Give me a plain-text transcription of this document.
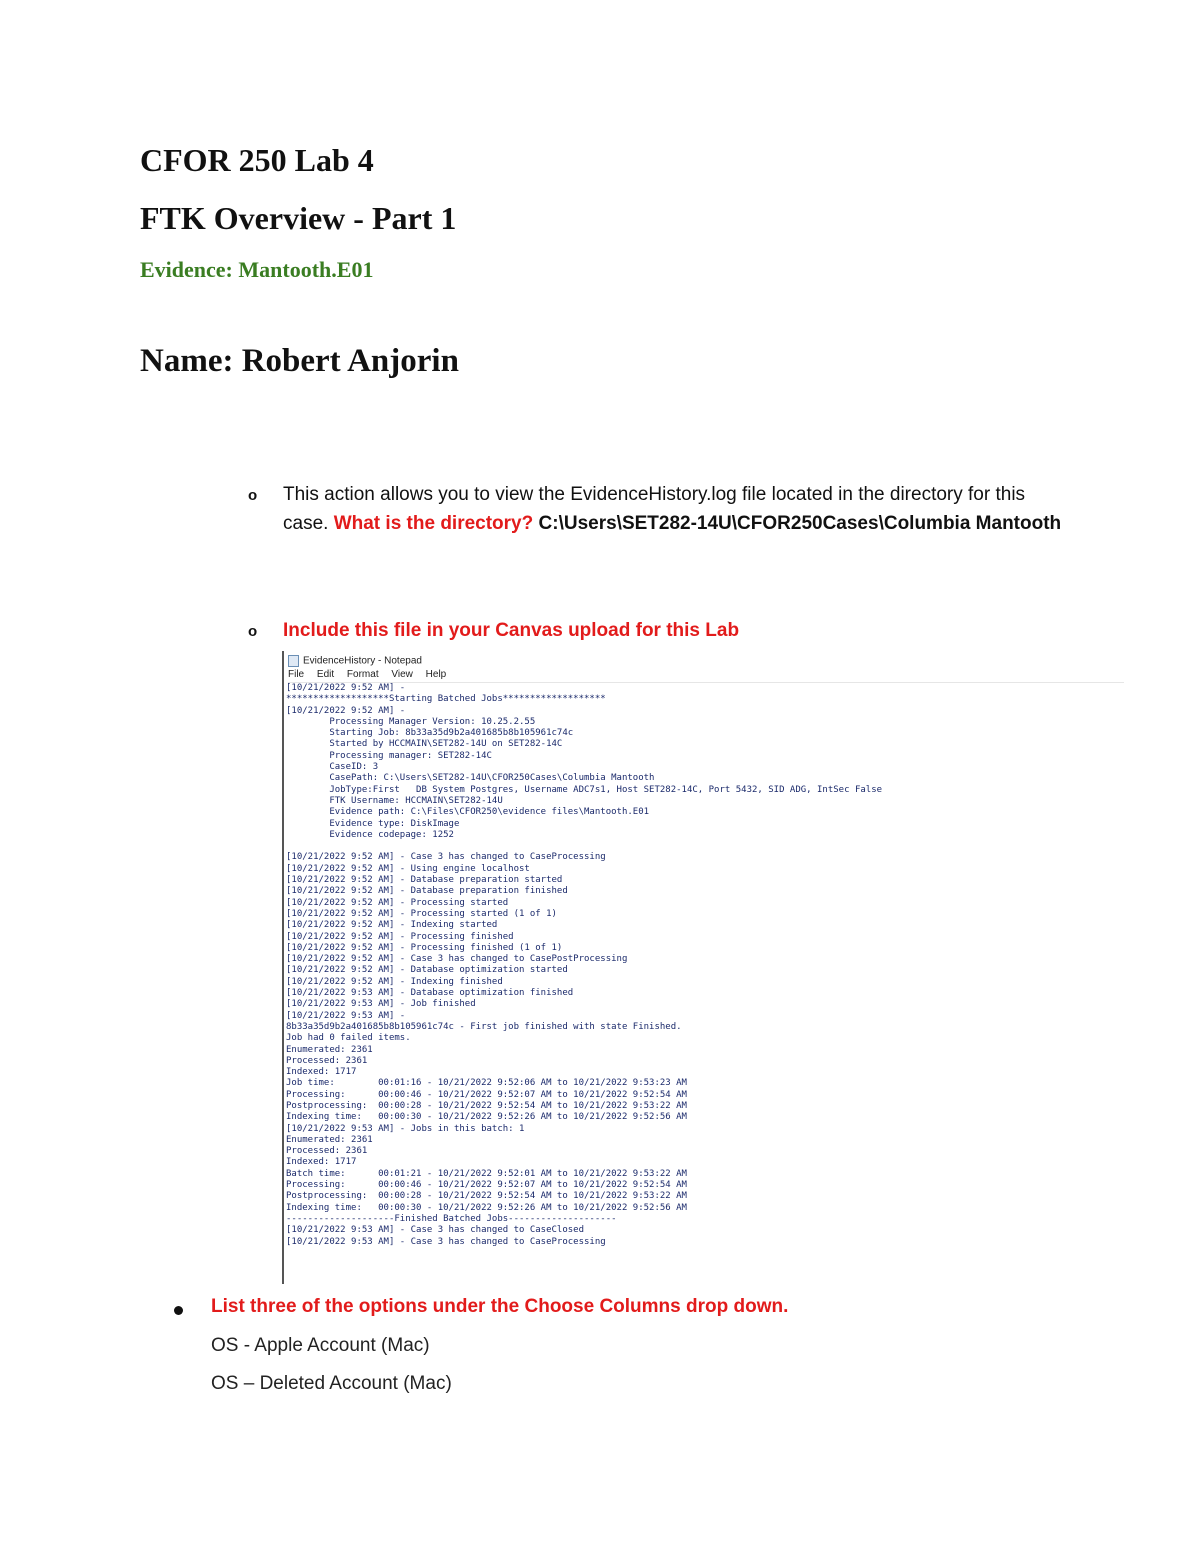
CFOR 250 Lab 4
FTK Overview - Part 1
Evidence: Mantooth.E01
Name: Robert Anjorin
o This action allows you to view the EvidenceHistory.log file located in the directory for this case. What is the directory? C:\Users\SET282-14U\CFOR250Cases\Columbia Mantooth
o Include this file in your Canvas upload for this Lab
EvidenceHistory - Notepad
File Edit Format View Help
[10/21/2022 9:52 AM] -
*******************Starting Batched Jobs*******************
[10/21/2022 9:52 AM] -
Processing Manager Version: 10.25.2.55
Starting Job: 8b33a35d9b2a401685b8b105961c74c
Started by HCCMAIN\SET282-14U on SET282-14C
Processing manager: SET282-14C
CaseID: 3
CasePath: C:\Users\SET282-14U\CFOR250Cases\Columbia Mantooth
JobType:First   DB System Postgres, Username ADC7s1, Host SET282-14C, Port 5432, SID ADG, IntSec False
FTK Username: HCCMAIN\SET282-14U
Evidence path: C:\Files\CFOR250\evidence files\Mantooth.E01
Evidence type: DiskImage
Evidence codepage: 1252

[10/21/2022 9:52 AM] - Case 3 has changed to CaseProcessing
[10/21/2022 9:52 AM] - Using engine localhost
[10/21/2022 9:52 AM] - Database preparation started
[10/21/2022 9:52 AM] - Database preparation finished
[10/21/2022 9:52 AM] - Processing started
[10/21/2022 9:52 AM] - Processing started (1 of 1)
[10/21/2022 9:52 AM] - Indexing started
[10/21/2022 9:52 AM] - Processing finished
[10/21/2022 9:52 AM] - Processing finished (1 of 1)
[10/21/2022 9:52 AM] - Case 3 has changed to CasePostProcessing
[10/21/2022 9:52 AM] - Database optimization started
[10/21/2022 9:52 AM] - Indexing finished
[10/21/2022 9:53 AM] - Database optimization finished
[10/21/2022 9:53 AM] - Job finished
[10/21/2022 9:53 AM] -
8b33a35d9b2a401685b8b105961c74c - First job finished with state Finished.
Job had 0 failed items.
Enumerated: 2361
Processed: 2361
Indexed: 1717
Job time:        00:01:16 - 10/21/2022 9:52:06 AM to 10/21/2022 9:53:23 AM
Processing:      00:00:46 - 10/21/2022 9:52:07 AM to 10/21/2022 9:52:54 AM
Postprocessing:  00:00:28 - 10/21/2022 9:52:54 AM to 10/21/2022 9:53:22 AM
Indexing time:   00:00:30 - 10/21/2022 9:52:26 AM to 10/21/2022 9:52:56 AM
[10/21/2022 9:53 AM] - Jobs in this batch: 1
Enumerated: 2361
Processed: 2361
Indexed: 1717
Batch time:      00:01:21 - 10/21/2022 9:52:01 AM to 10/21/2022 9:53:22 AM
Processing:      00:00:46 - 10/21/2022 9:52:07 AM to 10/21/2022 9:52:54 AM
Postprocessing:  00:00:28 - 10/21/2022 9:52:54 AM to 10/21/2022 9:53:22 AM
Indexing time:   00:00:30 - 10/21/2022 9:52:26 AM to 10/21/2022 9:52:56 AM
--------------------Finished Batched Jobs--------------------
[10/21/2022 9:53 AM] - Case 3 has changed to CaseClosed
[10/21/2022 9:53 AM] - Case 3 has changed to CaseProcessing
List three of the options under the Choose Columns drop down.
OS - Apple Account (Mac)
OS – Deleted Account (Mac)
